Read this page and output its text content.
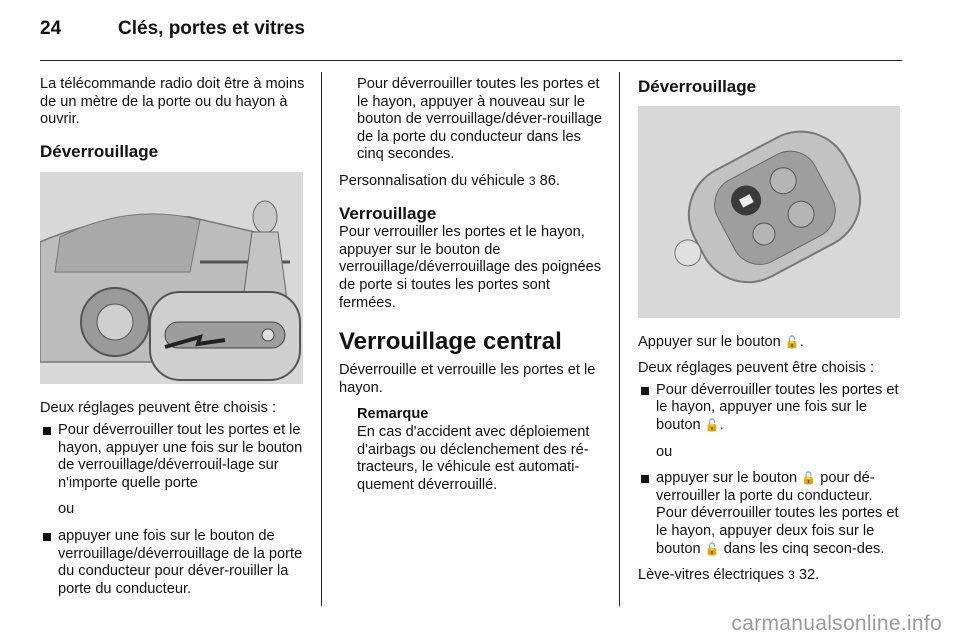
24	Clés, portes et vitres

La télécommande radio doit être à moins de un mètre de la porte ou du hayon à ouvrir.

Déverrouillage

Deux réglages peuvent être choisis :

Pour déverrouiller tout les portes et le hayon, appuyer une fois sur le bouton de verrouillage/déverrouil-lage sur n'importe quelle porte

ou

appuyer une fois sur le bouton de verrouillage/déverrouillage de la porte du conducteur pour déver-rouiller la porte du conducteur.

Pour déverrouiller toutes les portes et le hayon, appuyer à nouveau sur le bouton de verrouillage/déver-rouillage de la porte du conducteur dans les cinq secondes.

Personnalisation du véhicule 3 86.

Verrouillage

Pour verrouiller les portes et le hayon, appuyer sur le bouton de verrouillage/déverrouillage des poignées de porte si toutes les portes sont fermées.

Verrouillage central

Déverrouille et verrouille les portes et le hayon.

Remarque

En cas d'accident avec déploiement d'airbags ou déclenchement des ré-tracteurs, le véhicule est automati-quement déverrouillé.

Déverrouillage

Appuyer sur le bouton 🔓.

Deux réglages peuvent être choisis :

Pour déverrouiller toutes les portes et le hayon, appuyer une fois sur le bouton 🔓.

ou

appuyer sur le bouton 🔓 pour dé-verrouiller la porte du conducteur. Pour déverrouiller toutes les portes et le hayon, appuyer deux fois sur le bouton 🔓 dans les cinq secon-des.

Lève-vitres électriques 3 32.

carmanualsonline.info
